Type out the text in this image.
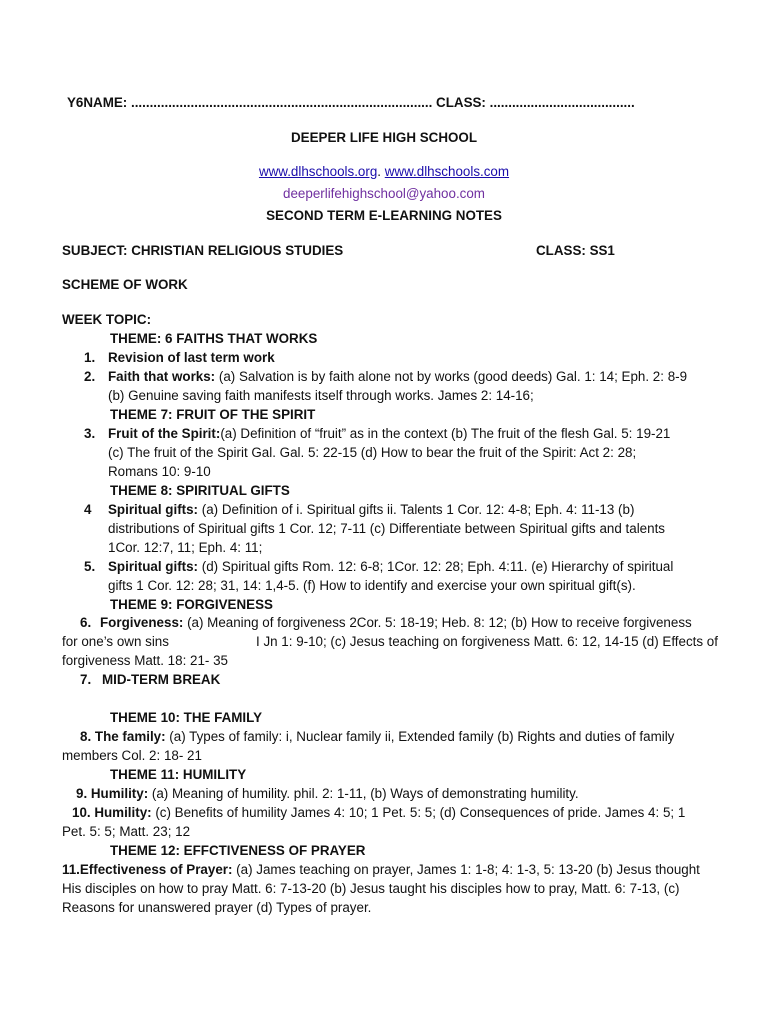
Y6NAME: ................................................................................. CLASS: .......................................
DEEPER LIFE HIGH SCHOOL
www.dlhschools.org. www.dlhschools.com
deeperlifehighschool@yahoo.com
SECOND TERM E-LEARNING NOTES
SUBJECT: CHRISTIAN RELIGIOUS STUDIES	CLASS: SS1
SCHEME OF WORK
WEEK TOPIC:
THEME: 6 FAITHS THAT WORKS
1. Revision of last term work
2. Faith that works: (a) Salvation is by faith alone not by works (good deeds) Gal. 1: 14; Eph. 2: 8-9
(b) Genuine saving faith manifests itself through works. James 2: 14-16;
THEME 7: FRUIT OF THE SPIRIT
3. Fruit of the Spirit:(a) Definition of “fruit” as in the context (b) The fruit of the flesh Gal. 5: 19-21
(c) The fruit of the Spirit Gal. Gal. 5: 22-15 (d) How to bear the fruit of the Spirit: Act 2: 28;
Romans 10: 9-10
THEME 8: SPIRITUAL GIFTS
4 Spiritual gifts: (a) Definition of i. Spiritual gifts ii. Talents 1 Cor. 12: 4-8; Eph. 4: 11-13 (b)
distributions of Spiritual gifts 1 Cor. 12; 7-11 (c) Differentiate between Spiritual gifts and talents
1Cor. 12:7, 11; Eph. 4: 11;
5. Spiritual gifts: (d) Spiritual gifts Rom. 12: 6-8; 1Cor. 12: 28; Eph. 4:11. (e) Hierarchy of spiritual
gifts 1 Cor. 12: 28; 31, 14: 1,4-5. (f) How to identify and exercise your own spiritual gift(s).
THEME 9: FORGIVENESS
6. Forgiveness: (a) Meaning of forgiveness 2Cor. 5: 18-19; Heb. 8: 12; (b) How to receive forgiveness
for one’s own sins	I Jn 1: 9-10; (c) Jesus teaching on forgiveness Matt. 6: 12, 14-15 (d) Effects of
forgiveness Matt. 18: 21- 35
7. MID-TERM BREAK
THEME 10: THE FAMILY
8. The family: (a) Types of family: i, Nuclear family ii, Extended family (b) Rights and duties of family
members Col. 2: 18- 21
THEME 11: HUMILITY
9. Humility: (a) Meaning of humility. phil. 2: 1-11, (b) Ways of demonstrating humility.
10. Humility: (c) Benefits of humility James 4: 10; 1 Pet. 5: 5; (d) Consequences of pride. James 4: 5; 1
Pet. 5: 5; Matt. 23; 12
THEME 12: EFFCTIVENESS OF PRAYER
11.Effectiveness of Prayer: (a) James teaching on prayer, James 1: 1-8; 4: 1-3, 5: 13-20 (b) Jesus thought
His disciples on how to pray Matt. 6: 7-13-20 (b) Jesus taught his disciples how to pray, Matt. 6: 7-13, (c)
Reasons for unanswered prayer (d) Types of prayer.
